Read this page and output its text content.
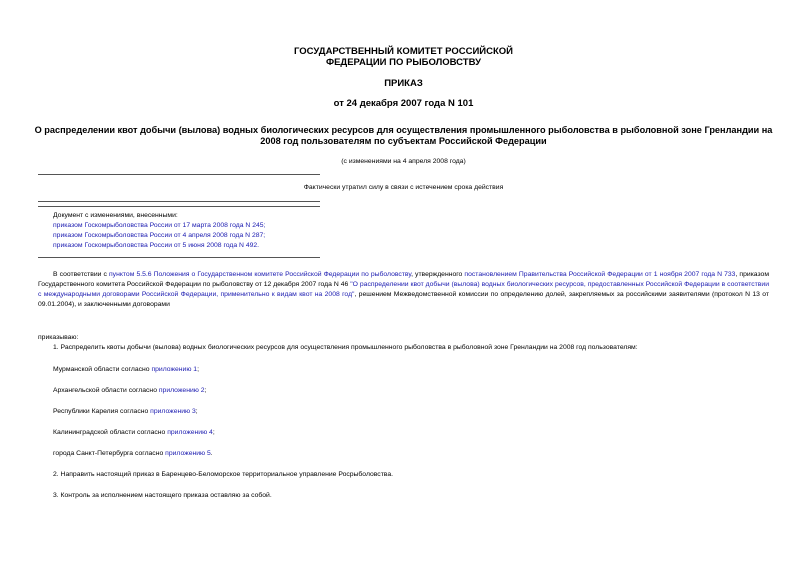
ГОСУДАРСТВЕННЫЙ КОМИТЕТ РОССИЙСКОЙ
ФЕДЕРАЦИИ ПО РЫБОЛОВСТВУ
ПРИКАЗ
от 24 декабря 2007 года N 101
О распределении квот добычи (вылова) водных биологических ресурсов для осуществления промышленного рыболовства в рыболовной зоне Гренландии на
2008 год пользователям по субъектам Российской Федерации
(с изменениями на 4 апреля 2008 года)
Фактически утратил силу в связи с истечением срока действия
Документ с изменениями, внесенными:
приказом Госкомрыболовства России от 17 марта 2008 года N 245;
приказом Госкомрыболовства России от 4 апреля 2008 года N 287;
приказом Госкомрыболовства России от 5 июня 2008 года N 492.
В соответствии с пунктом 5.5.6 Положения о Государственном комитете Российской Федерации по рыболовству, утвержденного постановлением Правительства Российской Федерации от 1 ноября 2007 года N 733, приказом Государственного комитета Российской Федерации по рыболовству от 12 декабря 2007 года N 46 "О распределении квот добычи (вылова) водных биологических ресурсов, предоставленных Российской Федерации в соответствии с международными договорами Российской Федерации, применительно к видам квот на 2008 год", решением Межведомственной комиссии по определению долей, закрепляемых за российскими заявителями (протокол N 13 от 09.01.2004), и заключенными договорами
приказываю:
1. Распределить квоты добычи (вылова) водных биологических ресурсов для осуществления промышленного рыболовства в рыболовной зоне Гренландии на 2008 год пользователям:
Мурманской области согласно приложению 1;
Архангельской области согласно приложению 2;
Республики Карелия согласно приложению 3;
Калининградской области согласно приложению 4;
города Санкт-Петербурга согласно приложению 5.
2. Направить настоящий приказ в Баренцево-Беломорское территориальное управление Росрыболовства.
3. Контроль за исполнением настоящего приказа оставляю за собой.
